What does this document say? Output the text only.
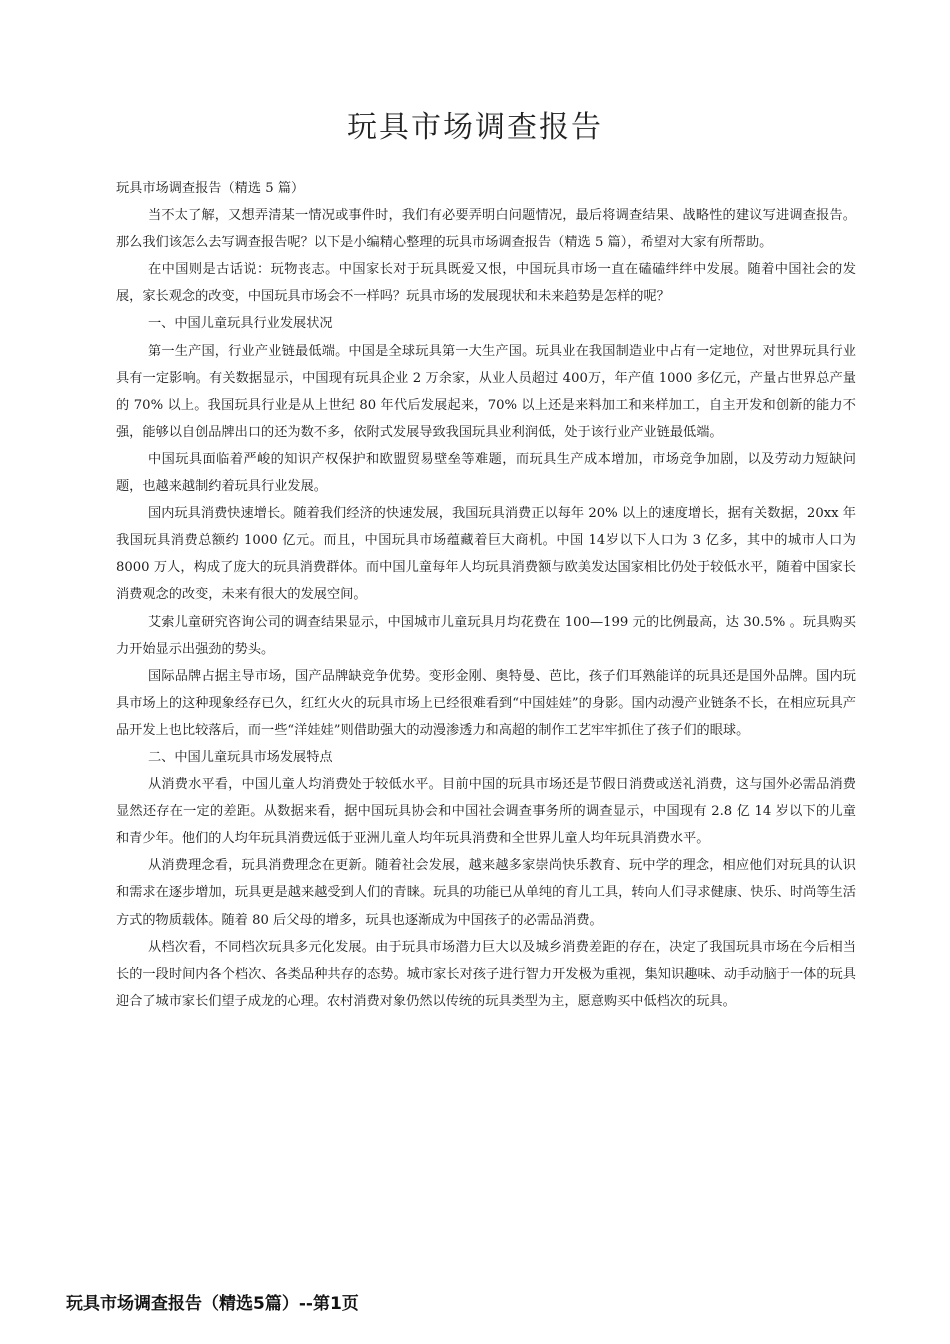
玩具市场调查报告

玩具市场调查报告（精选 5 篇）

当不太了解，又想弄清某一情况或事件时，我们有必要弄明白问题情况，最后将调查结果、战略性的建议写进调查报告。那么我们该怎么去写调查报告呢？以下是小编精心整理的玩具市场调查报告（精选 5 篇），希望对大家有所帮助。

在中国则是古话说：玩物丧志。中国家长对于玩具既爱又恨，中国玩具市场一直在磕磕绊绊中发展。随着中国社会的发展，家长观念的改变，中国玩具市场会不一样吗？玩具市场的发展现状和未来趋势是怎样的呢？

一、中国儿童玩具行业发展状况

第一生产国，行业产业链最低端。中国是全球玩具第一大生产国。玩具业在我国制造业中占有一定地位，对世界玩具行业具有一定影响。有关数据显示，中国现有玩具企业 2 万余家，从业人员超过 400万，年产值 1000 多亿元，产量占世界总产量的 70% 以上。我国玩具行业是从上世纪 80 年代后发展起来，70% 以上还是来料加工和来样加工，自主开发和创新的能力不强，能够以自创品牌出口的还为数不多，依附式发展导致我国玩具业利润低，处于该行业产业链最低端。

中国玩具面临着严峻的知识产权保护和欧盟贸易壁垒等难题，而玩具生产成本增加，市场竞争加剧，以及劳动力短缺问题，也越来越制约着玩具行业发展。

国内玩具消费快速增长。随着我们经济的快速发展，我国玩具消费正以每年 20% 以上的速度增长，据有关数据，20xx 年我国玩具消费总额约 1000 亿元。而且，中国玩具市场蕴藏着巨大商机。中国 14岁以下人口为 3 亿多，其中的城市人口为 8000 万人，构成了庞大的玩具消费群体。而中国儿童每年人均玩具消费额与欧美发达国家相比仍处于较低水平，随着中国家长消费观念的改变，未来有很大的发展空间。

艾索儿童研究咨询公司的调查结果显示，中国城市儿童玩具月均花费在 100—199 元的比例最高，达 30.5% 。玩具购买力开始显示出强劲的势头。

国际品牌占据主导市场，国产品牌缺竞争优势。变形金刚、奥特曼、芭比，孩子们耳熟能详的玩具还是国外品牌。国内玩具市场上的这种现象经存已久，红红火火的玩具市场上已经很难看到“中国娃娃”的身影。国内动漫产业链条不长，在相应玩具产品开发上也比较落后，而一些“洋娃娃”则借助强大的动漫渗透力和高超的制作工艺牢牢抓住了孩子们的眼球。

二、中国儿童玩具市场发展特点

从消费水平看，中国儿童人均消费处于较低水平。目前中国的玩具市场还是节假日消费或送礼消费，这与国外必需品消费显然还存在一定的差距。从数据来看，据中国玩具协会和中国社会调查事务所的调查显示，中国现有 2.8 亿 14 岁以下的儿童和青少年。他们的人均年玩具消费远低于亚洲儿童人均年玩具消费和全世界儿童人均年玩具消费水平。

从消费理念看，玩具消费理念在更新。随着社会发展，越来越多家崇尚快乐教育、玩中学的理念，相应他们对玩具的认识和需求在逐步增加，玩具更是越来越受到人们的青睐。玩具的功能已从单纯的育儿工具，转向人们寻求健康、快乐、时尚等生活方式的物质载体。随着 80 后父母的增多，玩具也逐渐成为中国孩子的必需品消费。

从档次看，不同档次玩具多元化发展。由于玩具市场潜力巨大以及城乡消费差距的存在，决定了我国玩具市场在今后相当长的一段时间内各个档次、各类品种共存的态势。城市家长对孩子进行智力开发极为重视，集知识趣味、动手动脑于一体的玩具迎合了城市家长们望子成龙的心理。农村消费对象仍然以传统的玩具类型为主，愿意购买中低档次的玩具。

玩具市场调查报告（精选5篇）--第1页
